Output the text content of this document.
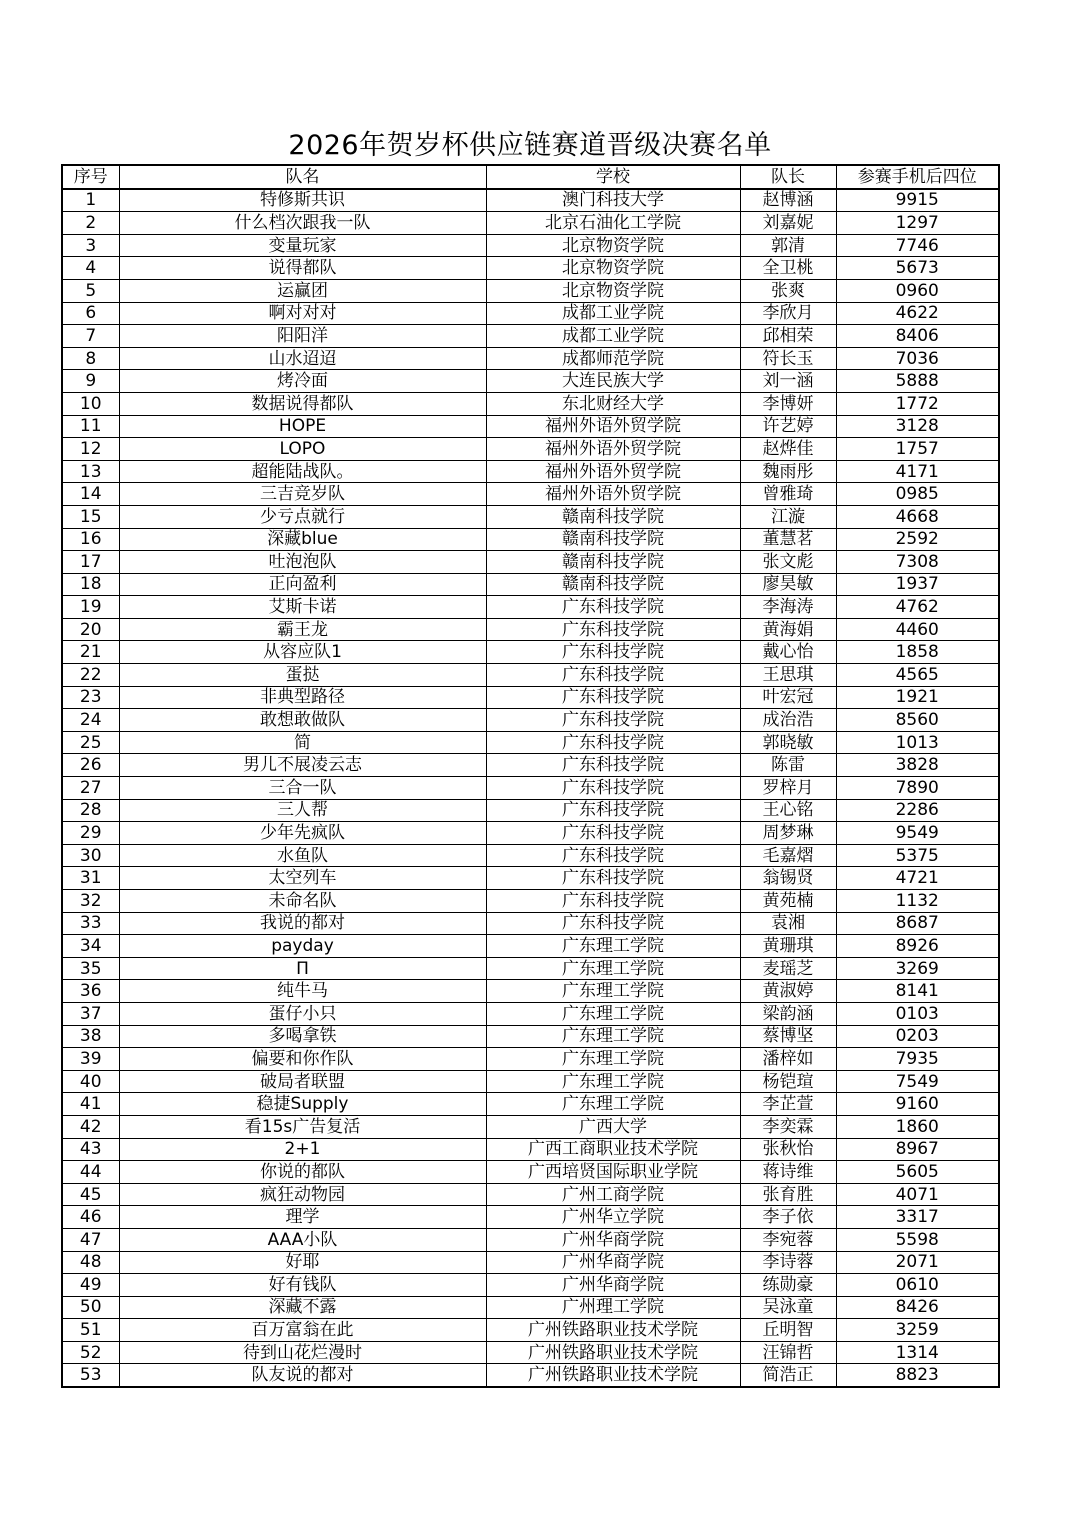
2026年贺岁杯供应链赛道晋级决赛名单
序号	队名	学校	队长	参赛手机后四位
1	特修斯共识	澳门科技大学	赵博涵	9915
2	什么档次跟我一队	北京石油化工学院	刘嘉妮	1297
3	变量玩家	北京物资学院	郭清	7746
4	说得都队	北京物资学院	全卫桃	5673
5	运赢团	北京物资学院	张爽	0960
6	啊对对对	成都工业学院	李欣月	4622
7	阳阳洋	成都工业学院	邱相荣	8406
8	山水迢迢	成都师范学院	符长玉	7036
9	烤冷面	大连民族大学	刘一涵	5888
10	数据说得都队	东北财经大学	李博妍	1772
11	HOPE	福州外语外贸学院	许艺婷	3128
12	LOPO	福州外语外贸学院	赵烨佳	1757
13	超能陆战队。	福州外语外贸学院	魏雨彤	4171
14	三吉竞岁队	福州外语外贸学院	曾雅琦	0985
15	少亏点就行	赣南科技学院	江漩	4668
16	深藏blue	赣南科技学院	董慧茗	2592
17	吐泡泡队	赣南科技学院	张文彪	7308
18	正向盈利	赣南科技学院	廖昊敏	1937
19	艾斯卡诺	广东科技学院	李海涛	4762
20	霸王龙	广东科技学院	黄海娟	4460
21	从容应队1	广东科技学院	戴心怡	1858
22	蛋挞	广东科技学院	王思琪	4565
23	非典型路径	广东科技学院	叶宏冠	1921
24	敢想敢做队	广东科技学院	成治浩	8560
25	简	广东科技学院	郭晓敏	1013
26	男儿不展凌云志	广东科技学院	陈雷	3828
27	三合一队	广东科技学院	罗梓月	7890
28	三人帮	广东科技学院	王心铭	2286
29	少年先疯队	广东科技学院	周梦琳	9549
30	水鱼队	广东科技学院	毛嘉熠	5375
31	太空列车	广东科技学院	翁锡贤	4721
32	未命名队	广东科技学院	黄苑楠	1132
33	我说的都对	广东科技学院	袁湘	8687
34	payday	广东理工学院	黄珊琪	8926
35	П	广东理工学院	麦瑶芝	3269
36	纯牛马	广东理工学院	黄淑婷	8141
37	蛋仔小只	广东理工学院	梁韵涵	0103
38	多喝拿铁	广东理工学院	蔡博坚	0203
39	偏要和你作队	广东理工学院	潘梓如	7935
40	破局者联盟	广东理工学院	杨铠瑄	7549
41	稳捷Supply	广东理工学院	李芷萱	9160
42	看15s广告复活	广西大学	李奕霖	1860
43	2+1	广西工商职业技术学院	张秋怡	8967
44	你说的都队	广西培贤国际职业学院	蒋诗维	5605
45	疯狂动物园	广州工商学院	张育胜	4071
46	理学	广州华立学院	李子依	3317
47	AAA小队	广州华商学院	李宛蓉	5598
48	好耶	广州华商学院	李诗蓉	2071
49	好有钱队	广州华商学院	练勋豪	0610
50	深藏不露	广州理工学院	吴泳童	8426
51	百万富翁在此	广州铁路职业技术学院	丘明智	3259
52	待到山花烂漫时	广州铁路职业技术学院	汪锦哲	1314
53	队友说的都对	广州铁路职业技术学院	简浩正	8823
